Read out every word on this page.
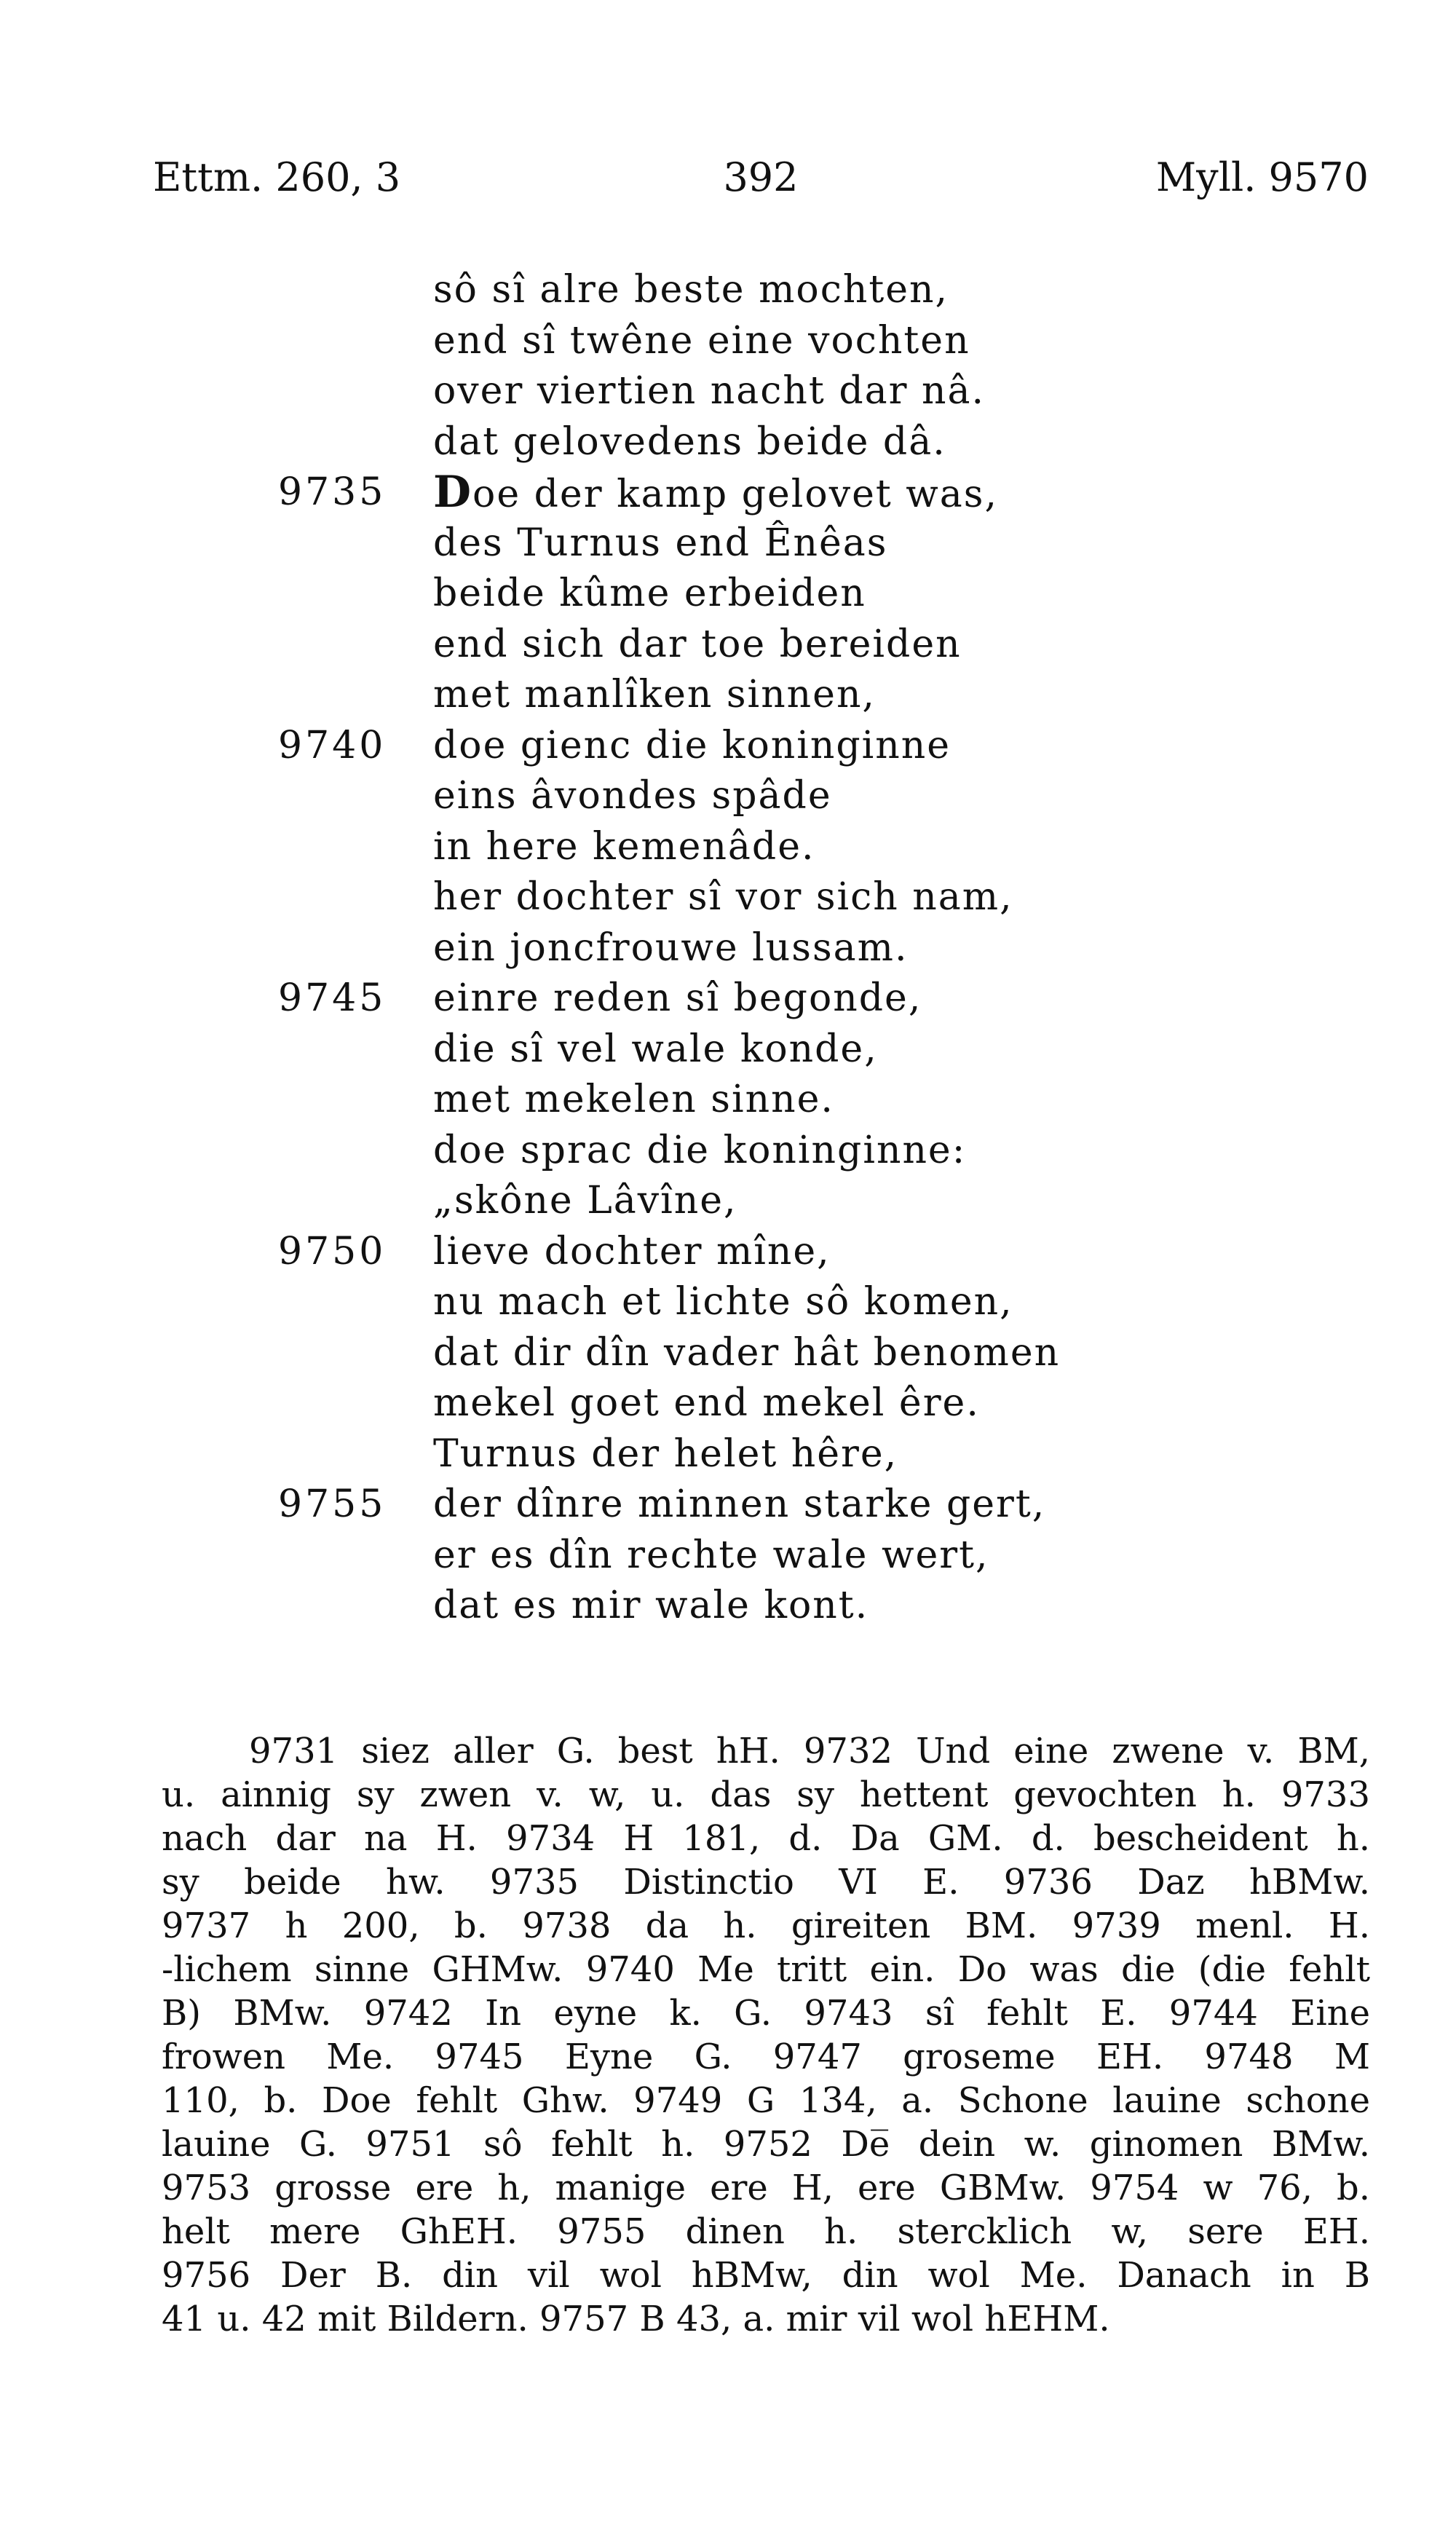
Ettm. 260, 3	392	Myll. 9570
sô sî alre beste mochten,
end sî twêne eine vochten
over viertien nacht dar nâ.
dat gelovedens beide dâ.
9735 Doe der kamp gelovet was,
des Turnus end Ênêas
beide kûme erbeiden
end sich dar toe bereiden
met manlîken sinnen,
9740 doe gienc die koninginne
eins âvondes spâde
in here kemenâde.
her dochter sî vor sich nam,
ein joncfrouwe lussam.
9745 einre reden sî begonde,
die sî vel wale konde,
met mekelen sinne.
doe sprac die koninginne:
„skône Lâvîne,
9750 lieve dochter mîne,
nu mach et lichte sô komen,
dat dir dîn vader hât benomen
mekel goet end mekel êre.
Turnus der helet hêre,
9755 der dînre minnen starke gert,
er es dîn rechte wale wert,
dat es mir wale kont.
9731 siez aller G. best hH. 9732 Und eine zwene v. BM,
u. ainnig sy zwen v. w, u. das sy hettent gevochten h. 9733
nach dar na H. 9734 H 181, d. Da GM. d. bescheident h.
sy beide hw. 9735 Distinctio VI E. 9736 Daz hBMw.
9737 h 200, b. 9738 da h. gireiten BM. 9739 menl. H.
-lichem sinne GHMw. 9740 Me tritt ein. Do was die (die fehlt
B) BMw. 9742 In eyne k. G. 9743 sî fehlt E. 9744 Eine
frowen Me. 9745 Eyne G. 9747 groseme EH. 9748 M
110, b. Doe fehlt Ghw. 9749 G 134, a. Schone lauine schone
lauine G. 9751 sô fehlt h. 9752 De̅ dein w. ginomen BMw.
9753 grosse ere h, manige ere H, ere GBMw. 9754 w 76, b.
helt mere GhEH. 9755 dinen h. stercklich w, sere EH.
9756 Der B. din vil wol hBMw, din wol Me. Danach in B
41 u. 42 mit Bildern. 9757 B 43, a. mir vil wol hEHM.
